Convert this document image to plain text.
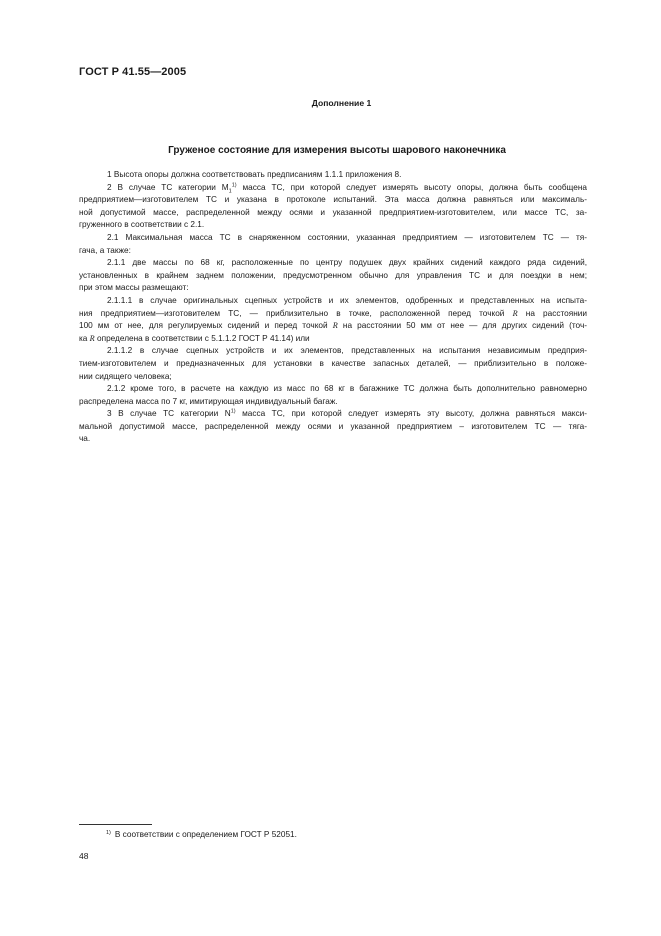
ГОСТ Р 41.55—2005
Дополнение 1
Груженое состояние для измерения высоты шарового наконечника
1 Высота опоры должна соответствовать предписаниям 1.1.1 приложения 8.
2 В случае ТС категории $М_1^{1)}$ масса ТС, при которой следует измерять высоту опоры, должна быть сообщена
предприятием—изготовителем ТС и указана в протоколе испытаний. Эта масса должна равняться или максималь-
ной допустимой массе, распределенной между осями и указанной предприятием-изготовителем, или массе ТС, за-
груженного в соответствии с 2.1.
2.1 Максимальная масса ТС в снаряженном состоянии, указанная предприятием — изготовителем ТС — тя-
гача, а также:
2.1.1 две массы по 68 кг, расположенные по центру подушек двух крайних сидений каждого ряда сидений,
установленных в крайнем заднем положении, предусмотренном обычно для управления ТС и для поездки в нем;
при этом массы размещают:
2.1.1.1 в случае оригинальных сцепных устройств и их элементов, одобренных и представленных на испыта-
ния предприятием—изготовителем ТС, — приблизительно в точке, расположенной перед точкой R на расстоянии
100 мм от нее, для регулируемых сидений и перед точкой R на расстоянии 50 мм от нее — для других сидений (точ-
ка R определена в соответствии с 5.1.1.2 ГОСТ Р 41.14) или
2.1.1.2 в случае сцепных устройств и их элементов, представленных на испытания независимым предприя-
тием-изготовителем и предназначенных для установки в качестве запасных деталей, — приблизительно в положе-
нии сидящего человека;
2.1.2 кроме того, в расчете на каждую из масс по 68 кг в багажнике ТС должна быть дополнительно равномерно
распределена масса по 7 кг, имитирующая индивидуальный багаж.
3 В случае ТС категории $N^{1)}$ масса ТС, при которой следует измерять эту высоту, должна равняться макси-
мальной допустимой массе, распределенной между осями и указанной предприятием – изготовителем ТС — тяга-
ча.
$^{1)}$ В соответствии с определением ГОСТ Р 52051.
48
